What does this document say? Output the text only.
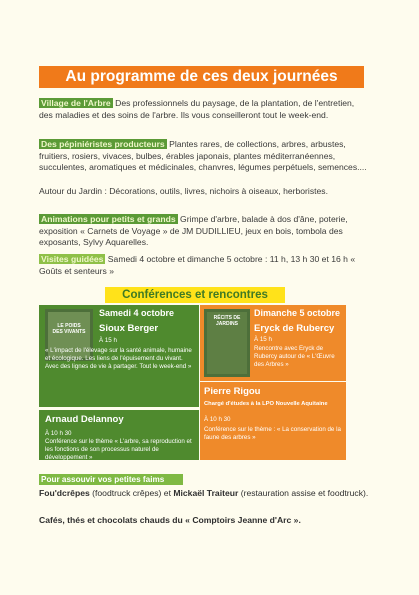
Au programme de ces deux journées

Village de l'Arbre Des professionnels du paysage, de la plantation, de l'entretien, des maladies et des soins de l'arbre. Ils vous conseilleront tout le week-end.

Des pépiniéristes producteurs Plantes rares, de collections, arbres, arbustes, fruitiers, rosiers, vivaces, bulbes, érables japonais, plantes méditerranéennes, succulentes, aromatiques et médicinales, chanvres, légumes perpétuels, semences....

Autour du Jardin : Décorations, outils, livres, nichoirs à oiseaux, herboristes.

Animations pour petits et grands Grimpe d'arbre, balade à dos d'âne, poterie, exposition « Carnets de Voyage » de JM DUDILLIEU, jeux en bois, tombola des exposants, Sylvy Aquarelles.

Visites guidées Samedi 4 octobre et dimanche 5 octobre : 11 h, 13 h 30 et 16 h « Goûts et senteurs »

Conférences et rencontres
LE POIDS DES VIVANTS
Samedi 4 octobre
Sioux Berger
À 15 h
« L'impact de l'élevage sur la santé animale, humaine et écologique. Les liens de l'épuisement du vivant. Avec des lignes de vie à partager. Tout le week-end »
Arnaud Delannoy
À 10 h 30
Conférence sur le thème « L'arbre, sa reproduction et les fonctions de son processus naturel de développement »
RÉCITS DE JARDINS
Dimanche 5 octobre
Eryck de Rubercy
À 15 h
Rencontre avec Eryck de Rubercy autour de « L'Œuvre des Arbres »
Pierre Rigou
Chargé d'études à la LPO Nouvelle Aquitaine
À 10 h 30
Conférence sur le thème : « La conservation de la faune des arbres »
Pour assouvir vos petites faims

Fou'dcrêpes (foodtruck crêpes) et Mickaël Traiteur (restauration assise et foodtruck).

Cafés, thés et chocolats chauds du « Comptoirs Jeanne d'Arc ».
